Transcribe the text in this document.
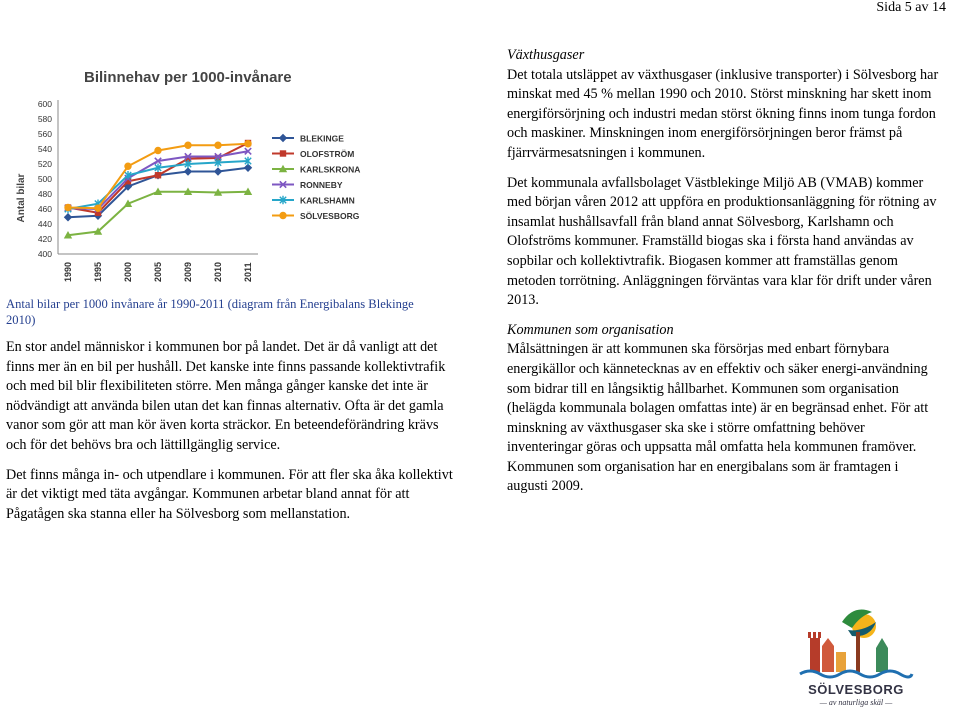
Sida 5 av 14
Bilinnehav per 1000-invånare
Antal bilar
400
420
440
460
480
500
520
540
560
580
600
1990 1995 2000 2005 2009 2010 2011
BLEKINGE
OLOFSTRÖM
KARLSKRONA
RONNEBY
KARLSHAMN
SÖLVESBORG
Antal bilar per 1000 invånare år 1990-2011 (diagram från Energibalans Blekinge 2010)

En stor andel människor i kommunen bor på landet. Det är då vanligt att det finns mer än en bil per hushåll. Det kanske inte finns passande kollektivtrafik och med bil blir flexibiliteten större. Men många gånger kanske det inte är nödvändigt att använda bilen utan det kan finnas alternativ. Ofta är det gamla vanor som gör att man kör även korta sträckor. En beteendeförändring krävs och för det behövs bra och lättillgänglig service.

Det finns många in- och utpendlare i kommunen. För att fler ska åka kollektivt är det viktigt med täta avgångar. Kommunen arbetar bland annat för att Pågatågen ska stanna eller ha Sölvesborg som mellanstation.

Växthusgaser

Det totala utsläppet av växthusgaser (inklusive transporter) i Sölvesborg har minskat med 45 % mellan 1990 och 2010. Störst minskning har skett inom energiförsörjning och industri medan störst ökning finns inom tunga fordon och maskiner. Minskningen inom energiförsörjningen beror främst på fjärrvärmesatsningen i kommunen.

Det kommunala avfallsbolaget Västblekinge Miljö AB (VMAB) kommer med början våren 2012 att uppföra en produktionsanläggning för rötning av insamlat hushållsavfall från bland annat Sölvesborg, Karlshamn och Olofströms kommuner. Framställd biogas ska i första hand användas av sopbilar och kollektivtrafik. Biogasen kommer att framställas genom metoden torrötning. Anläggningen förväntas vara klar för drift under våren 2013.

Kommunen som organisation

Målsättningen är att kommunen ska försörjas med enbart förnybara energikällor och kännetecknas av en effektiv och säker energi-användning som bidrar till en långsiktig hållbarhet. Kommunen som organisation (helägda kommunala bolagen omfattas inte) är en begränsad enhet. För att minskning av växthusgaser ska ske i större omfattning behöver inventeringar göras och uppsatta mål omfatta hela kommunen framöver. Kommunen som organisation har en energibalans som är framtagen i augusti 2009.

SÖLVESBORG
— av naturliga skäl —
